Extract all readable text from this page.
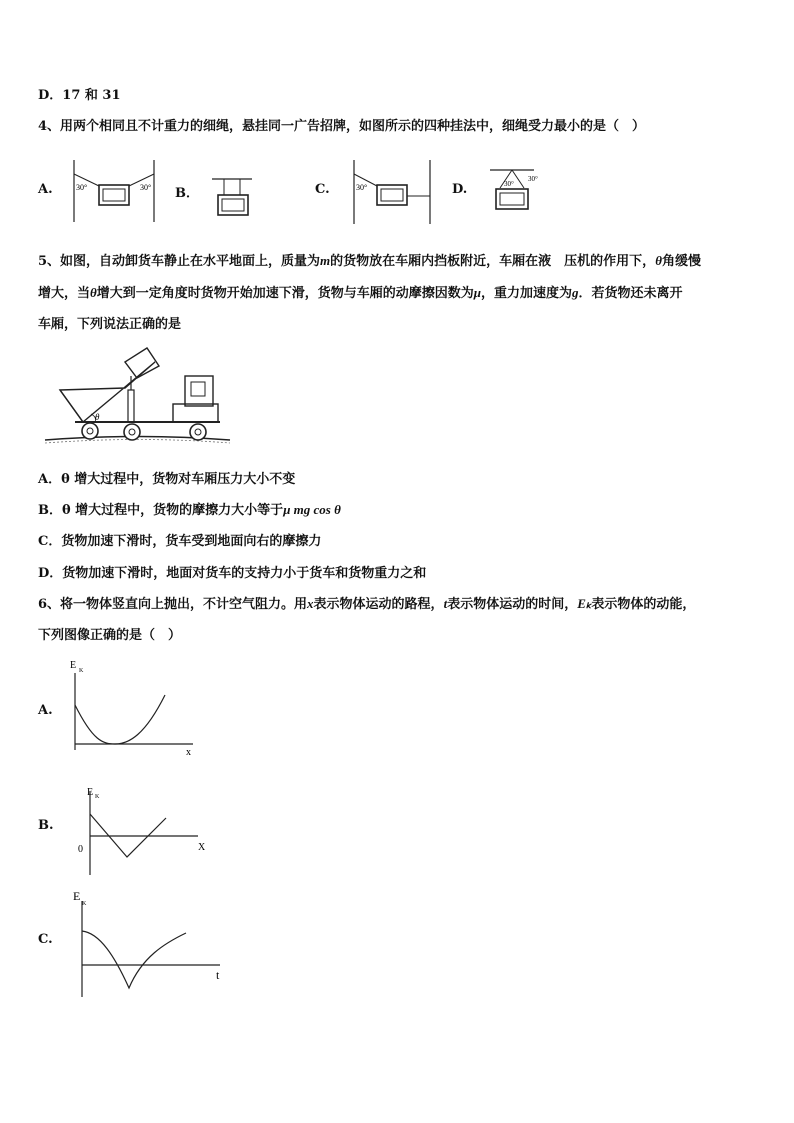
D．17 和 31
4、用两个相同且不计重力的细绳，悬挂同一广告招牌，如图所示的四种挂法中，细绳受力最小的是（　）
A.	B．	C.	D.
30°	30°	30°	30°
30°
5、如图，自动卸货车静止在水平地面上，质量为m的货物放在车厢内挡板附近，车厢在液　压机的作用下，θ角缓慢
增大，当θ增大到一定角度时货物开始加速下滑，货物与车厢的动摩擦因数为μ，重力加速度为g．若货物还未离开
车厢，下列说法正确的是
θ
A．θ 增大过程中，货物对车厢压力大小不变
B．θ 增大过程中，货物的摩擦力大小等于μ mg cos θ
C．货物加速下滑时，货车受到地面向右的摩擦力
D．货物加速下滑时，地面对货车的支持力小于货车和货物重力之和
6、将一物体竖直向上抛出，不计空气阻力。用x表示物体运动的路程，t表示物体运动的时间，Eₖ表示物体的动能，
下列图像正确的是（　）
A.
B.
C.
E K
x
E K
0	X
E
K
t
